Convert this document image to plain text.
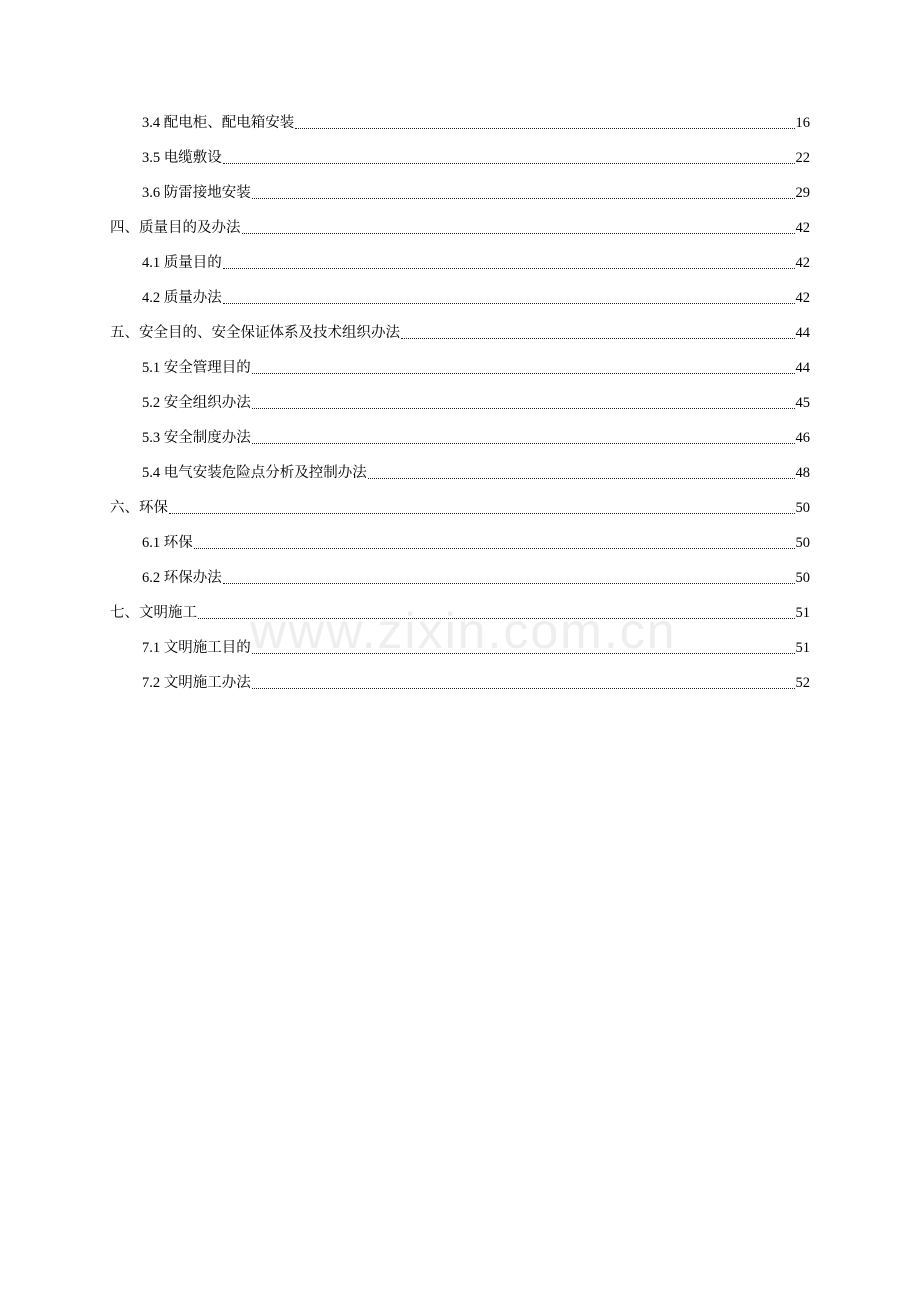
3.4 配电柜、配电箱安装	16
3.5 电缆敷设	22
3.6 防雷接地安装	29
四、质量目的及办法	42
4.1 质量目的	42
4.2 质量办法	42
五、安全目的、安全保证体系及技术组织办法	44
5.1 安全管理目的	44
5.2 安全组织办法	45
5.3 安全制度办法	46
5.4 电气安装危险点分析及控制办法	48
六、环保	50
6.1 环保	50
6.2 环保办法	50
七、文明施工	51
7.1 文明施工目的	51
7.2 文明施工办法	52
www.zixin.com.cn
